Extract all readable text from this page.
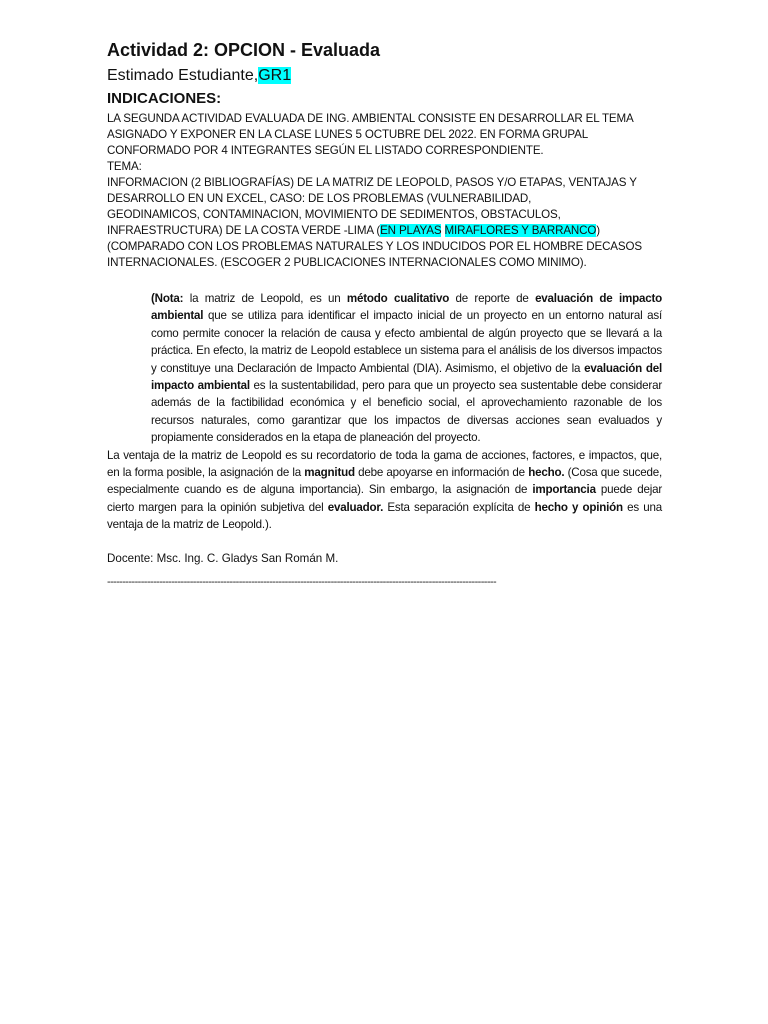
Actividad 2: OPCION - Evaluada
Estimado Estudiante,GR1
INDICACIONES:
LA SEGUNDA ACTIVIDAD EVALUADA DE ING. AMBIENTAL CONSISTE EN DESARROLLAR EL TEMA
ASIGNADO Y EXPONER EN LA CLASE LUNES 5 OCTUBRE DEL 2022. EN FORMA GRUPAL
CONFORMADO POR 4 INTEGRANTES SEGÚN EL LISTADO CORRESPONDIENTE.
TEMA:
INFORMACION (2 BIBLIOGRAFÍAS) DE LA MATRIZ DE LEOPOLD, PASOS Y/O ETAPAS, VENTAJAS Y
DESARROLLO EN UN EXCEL, CASO: DE LOS PROBLEMAS (VULNERABILIDAD,
GEODINAMICOS, CONTAMINACION, MOVIMIENTO DE SEDIMENTOS, OBSTACULOS,
INFRAESTRUCTURA) DE LA COSTA VERDE -LIMA (EN PLAYAS MIRAFLORES Y BARRANCO)
(COMPARADO CON LOS PROBLEMAS NATURALES Y LOS INDUCIDOS POR EL HOMBRE DECASOS
INTERNACIONALES. (ESCOGER 2 PUBLICACIONES INTERNACIONALES COMO MINIMO).

(Nota: la matriz de Leopold, es un método cualitativo de reporte de evaluación de impacto ambiental que se utiliza para identificar el impacto inicial de un proyecto en un entorno natural así como permite conocer la relación de causa y efecto ambiental de algún proyecto que se llevará a la práctica. En efecto, la matriz de Leopold establece un sistema para el análisis de los diversos impactos y constituye una Declaración de Impacto Ambiental (DIA). Asimismo, el objetivo de la evaluación del impacto ambiental es la sustentabilidad, pero para que un proyecto sea sustentable debe considerar además de la factibilidad económica y el beneficio social, el aprovechamiento razonable de los recursos naturales, como garantizar que los impactos de diversas acciones sean evaluados y propiamente considerados en la etapa de planeación del proyecto.

La ventaja de la matriz de Leopold es su recordatorio de toda la gama de acciones, factores, e impactos, que, en la forma posible, la asignación de la magnitud debe apoyarse en información de hecho. (Cosa que sucede, especialmente cuando es de alguna importancia). Sin embargo, la asignación de importancia puede dejar cierto margen para la opinión subjetiva del evaluador. Esta separación explícita de hecho y opinión es una ventaja de la matriz de Leopold.).

Docente: Msc. Ing. C. Gladys San Román M.
-------------------------------------------------------------------------------------------------------------------------------
